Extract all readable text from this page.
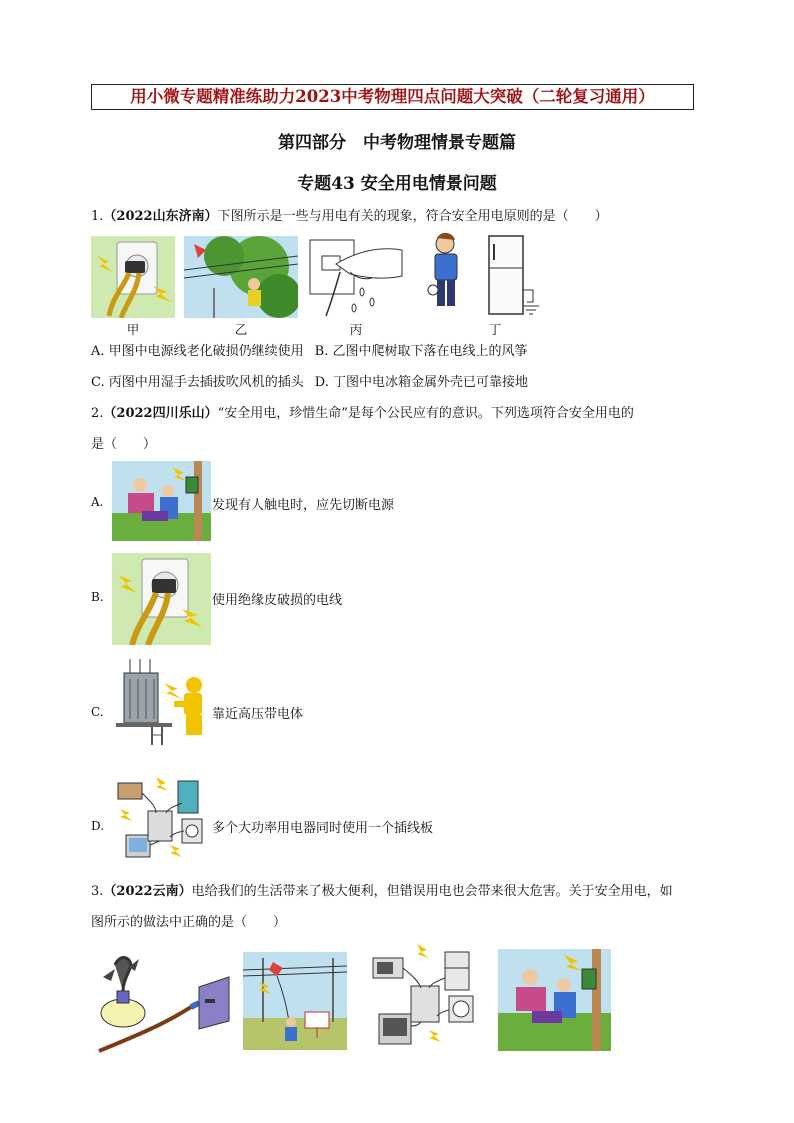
用小微专题精准练助力2023中考物理四点问题大突破（二轮复习通用）
第四部分　中考物理情景专题篇
专题43 安全用电情景问题
1.（2022山东济南）下图所示是一些与用电有关的现象，符合安全用电原则的是（　　）
甲	乙	丙	丁
A. 甲图中电源线老化破损仍继续使用 B. 乙图中爬树取下落在电线上的风筝
C. 丙图中用湿手去插拔吹风机的插头 D. 丁图中电冰箱金属外壳已可靠接地
2.（2022四川乐山）“安全用电，珍惜生命”是每个公民应有的意识。下列选项符合安全用电的
是（　　）
A.	发现有人触电时，应先切断电源
B.	使用绝缘皮破损的电线
C.	靠近高压带电体
D.	多个大功率用电器同时使用一个插线板
3.（2022云南）电给我们的生活带来了极大便利，但错误用电也会带来很大危害。关于安全用电，如
图所示的做法中正确的是（　　）
